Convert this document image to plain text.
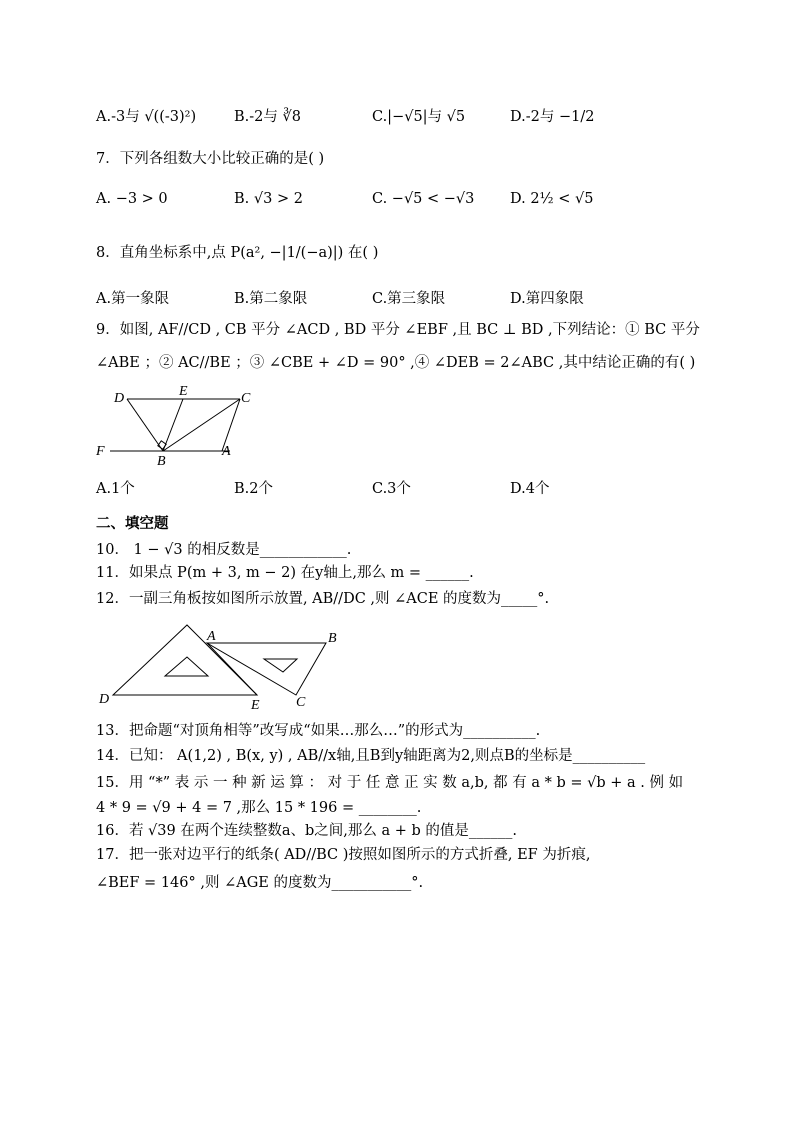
A.-3与 √((-3)²)	B.-2与 ∛8	C.|−√5|与 √5	D.-2与 −1/2
7．下列各组数大小比较正确的是( )
A. −3 > 0	B. √3 > 2	C. −√5 < −√3 D. 2½ < √5
8．直角坐标系中,点 P(a², −|1/(−a)|) 在( )
A.第一象限	B.第二象限	C.第三象限	D.第四象限
9．如图, AF//CD , CB 平分 ∠ACD , BD 平分 ∠EBF ,且 BC ⊥ BD ,下列结论：① BC 平分
∠ABE ；② AC//BE ；③ ∠CBE + ∠D = 90° ,④ ∠DEB = 2∠ABC ,其中结论正确的有( )
D	E	C
F
B
A
A	B
D	E	C
A.1个	B.2个	C.3个	D.4个
二、填空题
10． 1 − √3 的相反数是____________.
11．如果点 P(m + 3, m − 2) 在y轴上,那么 m = ______.
12．一副三角板按如图所示放置, AB//DC ,则 ∠ACE 的度数为_____°.
13．把命题“对顶角相等”改写成“如果…那么…”的形式为__________.
14．已知： A(1,2) , B(x, y) , AB//x轴,且B到y轴距离为2,则点B的坐标是__________
15．用 “*” 表 示 一 种 新 运 算 ： 对 于 任 意 正 实 数 a,b, 都 有 a * b = √b + a . 例 如
4 * 9 = √9 + 4 = 7 ,那么 15 * 196 = ________.
16．若 √39 在两个连续整数a、b之间,那么 a + b 的值是______.
17．把一张对边平行的纸条( AD//BC )按照如图所示的方式折叠, EF 为折痕,
∠BEF = 146° ,则 ∠AGE 的度数为___________°.
